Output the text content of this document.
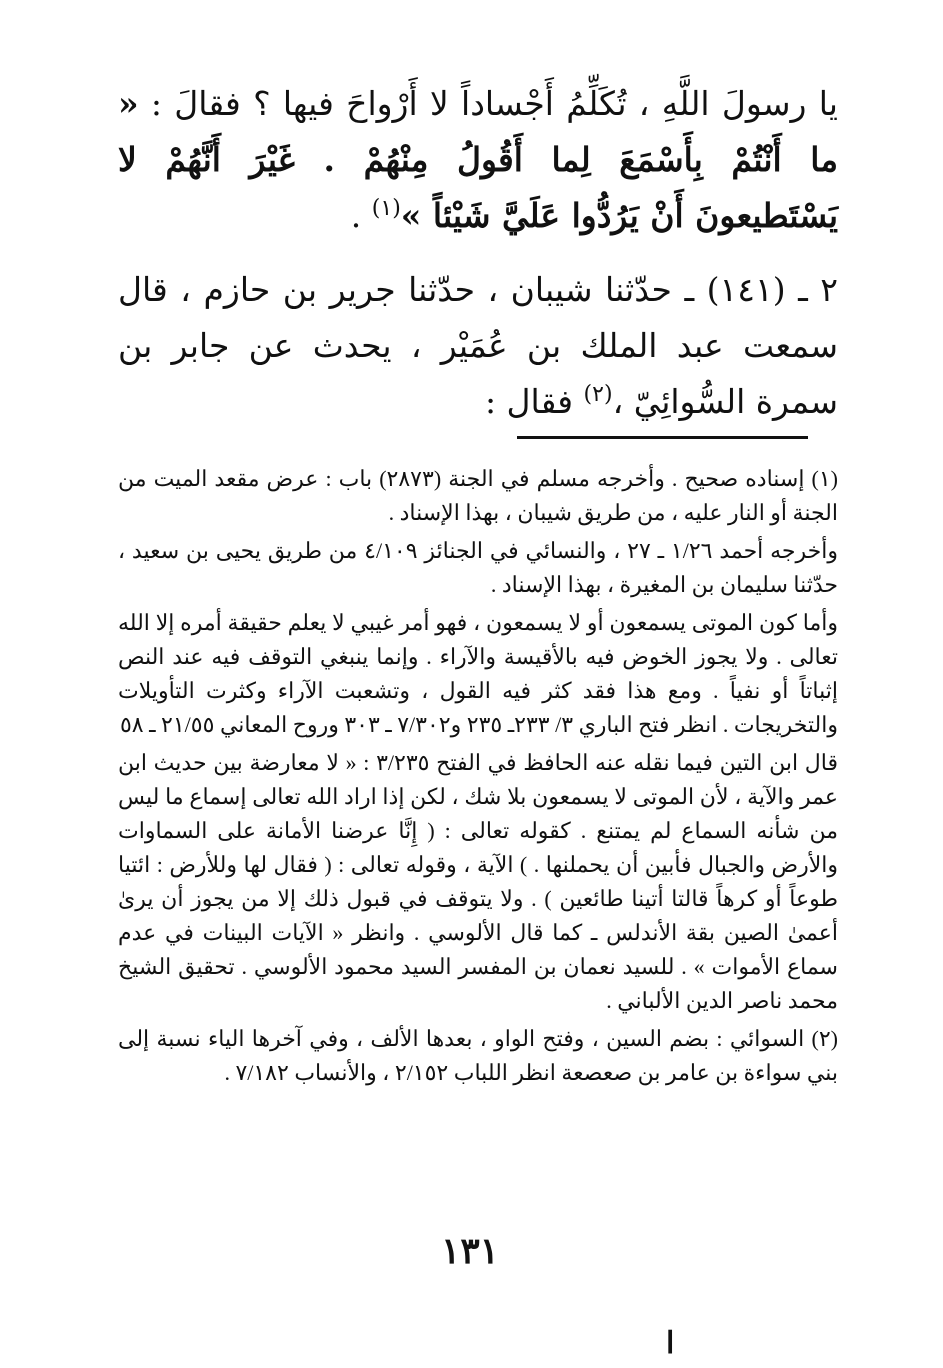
يا رسولَ اللَّهِ ، تُكَلِّمُ أَجْساداً لا أَرْواحَ فيها ؟ فقالَ : « ما أَنْتُمْ بِأَسْمَعَ لِما أَقُولُ مِنْهُمْ . غَيْرَ أَنَّهُمْ لا يَسْتَطيعونَ أَنْ يَرُدُّوا عَلَيَّ شَيْئاً »$^{(١)}$ .

٢ ـ (١٤١) ـ حدّثنا شيبان ، حدّثنا جرير بن حازم ، قال سمعت عبد الملك بن عُمَيْر ، يحدث عن جابر بن سمرة السُّوائِيّ ،$^{(٢)}$ فقال :

(١) إسناده صحيح . وأخرجه مسلم في الجنة (٢٨٧٣) باب : عرض مقعد الميت من الجنة أو النار عليه ، من طريق شيبان ، بهذا الإسناد .

وأخرجه أحمد ١/٢٦ ـ ٢٧ ، والنسائي في الجنائز ٤/١٠٩ من طريق يحيى بن سعيد ، حدّثنا سليمان بن المغيرة ، بهذا الإسناد .

وأما كون الموتى يسمعون أو لا يسمعون ، فهو أمر غيبي لا يعلم حقيقة أمره إلا الله تعالى . ولا يجوز الخوض فيه بالأقيسة والآراء . وإنما ينبغي التوقف فيه عند النص إثباتاً أو نفياً . ومع هذا فقد كثر فيه القول ، وتشعبت الآراء وكثرت التأويلات والتخريجات . انظر فتح الباري ٣/ ٢٣٣ـ ٢٣٥ و٧/٣٠٢ ـ ٣٠٣ وروح المعاني ٢١/٥٥ ـ ٥٨

قال ابن التين فيما نقله عنه الحافظ في الفتح ٣/٢٣٥ : « لا معارضة بين حديث ابن عمر والآية ، لأن الموتى لا يسمعون بلا شك ، لكن إذا اراد الله تعالى إسماع ما ليس من شأنه السماع لم يمتنع . كقوله تعالى : ( إِنَّا عرضنا الأمانة على السماوات والأرض والجبال فأبين أن يحملنها . ) الآية ، وقوله تعالى : ( فقال لها وللأرض : ائتيا طوعاً أو كرهاً قالتا أتينا طائعين ) . ولا يتوقف في قبول ذلك إلا من يجوز أن يرىٰ أعمىٰ الصين بقة الأندلس ـ كما قال الألوسي . وانظر « الآيات البينات في عدم سماع الأموات » . للسيد نعمان بن المفسر السيد محمود الألوسي . تحقيق الشيخ محمد ناصر الدين الألباني .

(٢) السوائي : بضم السين ، وفتح الواو ، بعدها الألف ، وفي آخرها الياء نسبة إلى بني سواءة بن عامر بن صعصعة انظر اللباب ٢/١٥٢ ، والأنساب ٧/١٨٢ .

١٣١
ا
